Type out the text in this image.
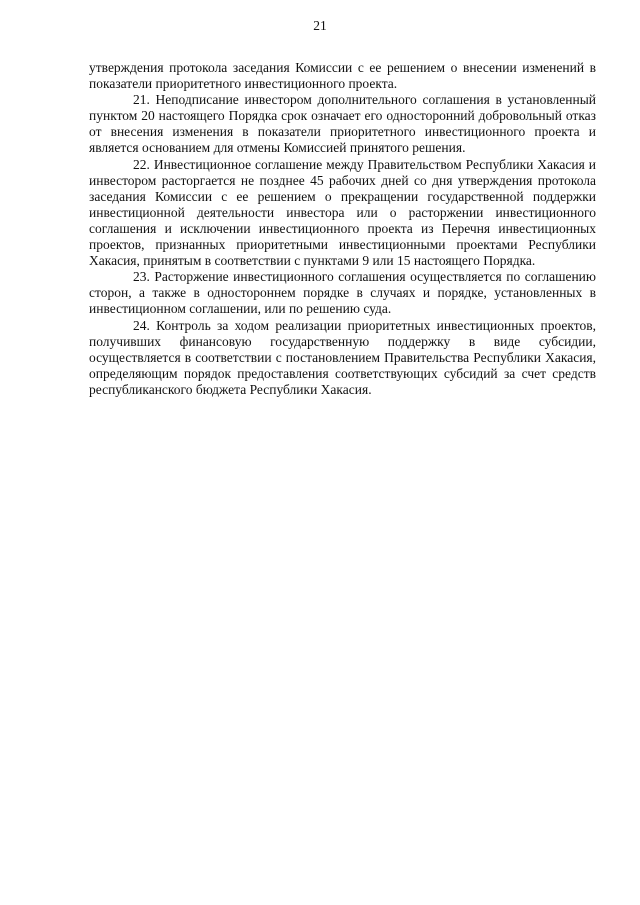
21

утверждения протокола заседания Комиссии с ее решением о внесении изменений в показатели приоритетного инвестиционного проекта.

21. Неподписание инвестором дополнительного соглашения в установленный пунктом 20 настоящего Порядка срок означает его односторонний добровольный отказ от внесения изменения в показатели приоритетного инвестиционного проекта и является основанием для отмены Комиссией принятого решения.

22. Инвестиционное соглашение между Правительством Республики Хакасия и инвестором расторгается не позднее 45 рабочих дней со дня утверждения протокола заседания Комиссии с ее решением о прекращении государственной поддержки инвестиционной деятельности инвестора или о расторжении инвестиционного соглашения и исключении инвестиционного проекта из Перечня инвестиционных проектов, признанных приоритетными инвестиционными проектами Республики Хакасия, принятым в соответствии с пунктами 9 или 15 настоящего Порядка.

23. Расторжение инвестиционного соглашения осуществляется по соглашению сторон, а также в одностороннем порядке в случаях и порядке, установленных в инвестиционном соглашении, или по решению суда.

24. Контроль за ходом реализации приоритетных инвестиционных проектов, получивших финансовую государственную поддержку в виде субсидии, осуществляется в соответствии с постановлением Правительства Республики Хакасия, определяющим порядок предоставления соответствующих субсидий за счет средств республиканского бюджета Республики Хакасия.
